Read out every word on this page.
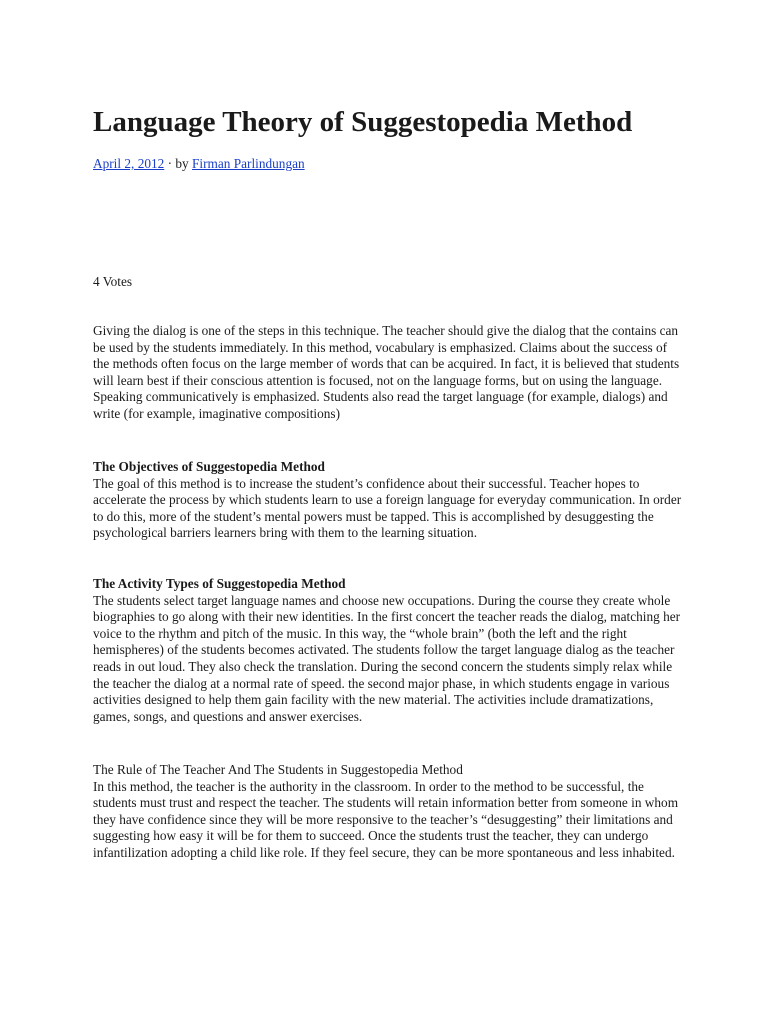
Language Theory of Suggestopedia Method
April 2, 2012 · by Firman Parlindungan
4 Votes

Giving the dialog is one of the steps in this technique. The teacher should give the dialog that the contains can be used by the students immediately. In this method, vocabulary is emphasized. Claims about the success of the methods often focus on the large member of words that can be acquired. In fact, it is believed that students will learn best if their conscious attention is focused, not on the language forms, but on using the language. Speaking communicatively is emphasized. Students also read the target language (for example, dialogs) and write (for example, imaginative compositions)

The Objectives of Suggestopedia Method

The goal of this method is to increase the student’s confidence about their successful. Teacher hopes to accelerate the process by which students learn to use a foreign language for everyday communication. In order to do this, more of the student’s mental powers must be tapped. This is accomplished by desuggesting the psychological barriers learners bring with them to the learning situation.

The Activity Types of Suggestopedia Method

The students select target language names and choose new occupations. During the course they create whole biographies to go along with their new identities. In the first concert the teacher reads the dialog, matching her voice to the rhythm and pitch of the music. In this way, the “whole brain” (both the left and the right hemispheres) of the students becomes activated. The students follow the target language dialog as the teacher reads in out loud. They also check the translation. During the second concern the students simply relax while the teacher the dialog at a normal rate of speed. the second major phase, in which students engage in various activities designed to help them gain facility with the new material. The activities include dramatizations, games, songs, and questions and answer exercises.

The Rule of The Teacher And The Students in Suggestopedia Method

In this method, the teacher is the authority in the classroom. In order to the method to be successful, the students must trust and respect the teacher. The students will retain information better from someone in whom they have confidence since they will be more responsive to the teacher’s “desuggesting” their limitations and suggesting how easy it will be for them to succeed. Once the students trust the teacher, they can undergo infantilization adopting a child like role. If they feel secure, they can be more spontaneous and less inhabited.
